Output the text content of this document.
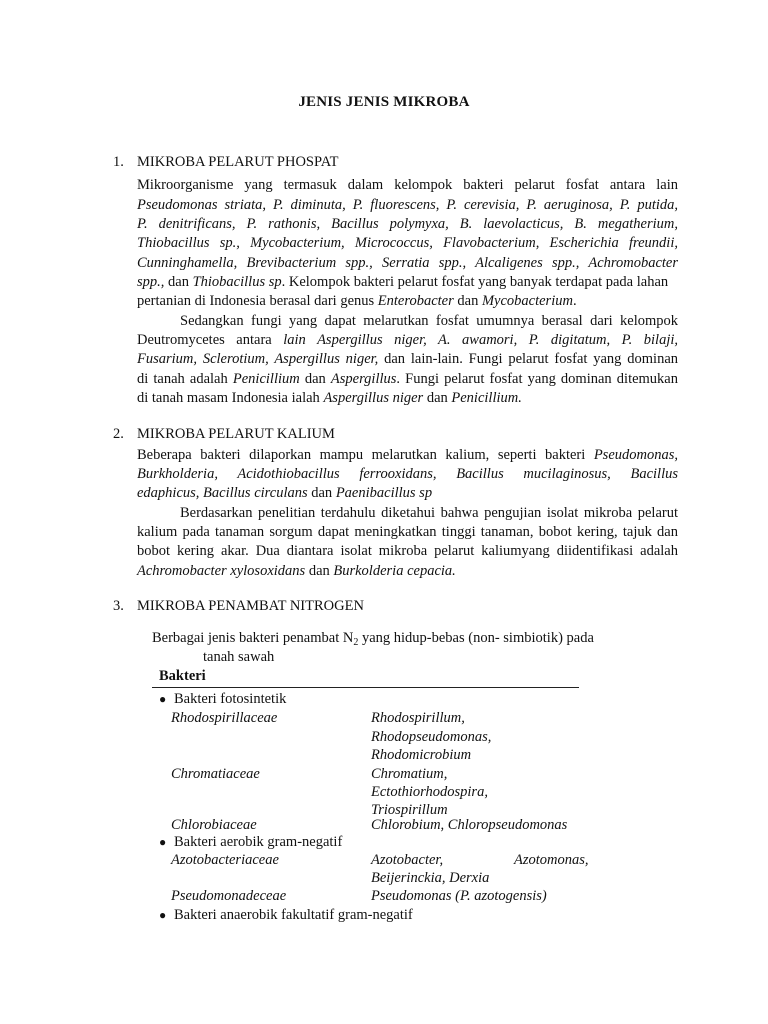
JENIS JENIS MIKROBA
1. MIKROBA PELARUT PHOSPAT
Mikroorganisme yang termasuk dalam kelompok bakteri pelarut fosfat antara lain
Pseudomonas striata, P. diminuta, P. fluorescens, P. cerevisia, P. aeruginosa, P. putida,
P. denitrificans, P. rathonis, Bacillus polymyxa, B. laevolacticus, B. megatherium,
Thiobacillus sp., Mycobacterium, Micrococcus, Flavobacterium, Escherichia freundii,
Cunninghamella, Brevibacterium spp., Serratia spp., Alcaligenes spp., Achromobacter
spp., dan Thiobacillus sp. Kelompok bakteri pelarut fosfat yang banyak terdapat pada lahan
pertanian di Indonesia berasal dari genus Enterobacter dan Mycobacterium.
Sedangkan fungi yang dapat melarutkan fosfat umumnya berasal dari kelompok
Deutromycetes antara lain Aspergillus niger, A. awamori, P. digitatum, P. bilaji,
Fusarium, Sclerotium, Aspergillus niger, dan lain-lain. Fungi pelarut fosfat yang dominan
di tanah adalah Penicillium dan Aspergillus. Fungi pelarut fosfat yang dominan ditemukan
di tanah masam Indonesia ialah Aspergillus niger dan Penicillium.
2. MIKROBA PELARUT KALIUM
Beberapa bakteri dilaporkan mampu melarutkan kalium, seperti bakteri Pseudomonas,
Burkholderia, Acidothiobacillus ferrooxidans, Bacillus mucilaginosus, Bacillus
edaphicus, Bacillus circulans dan Paenibacillus sp
Berdasarkan penelitian terdahulu diketahui bahwa pengujian isolat mikroba pelarut
kalium pada tanaman sorgum dapat meningkatkan tinggi tanaman, bobot kering, tajuk dan
bobot kering akar. Dua diantara isolat mikroba pelarut kaliumyang diidentifikasi adalah
Achromobacter xylosoxidans dan Burkolderia cepacia.
3. MIKROBA PENAMBAT NITROGEN
Berbagai jenis bakteri penambat $N_2$ yang hidup-bebas (non- simbiotik) pada
tanah sawah
Bakteri
● Bakteri fotosintetik
Rhodospirillaceae	Rhodospirillum,
Rhodopseudomonas,
Rhodomicrobium
Chromatiaceae	Chromatium,
Ectothiorhodospira,
Triospirillum
Chlorobiaceae	Chlorobium, Chloropseudomonas
● Bakteri aerobik gram-negatif
Azotobacteriaceae	Azotobacter,	Azotomonas,
Beijerinckia, Derxia
Pseudomonadeceae	Pseudomonas (P. azotogensis)
● Bakteri anaerobik fakultatif gram-negatif
